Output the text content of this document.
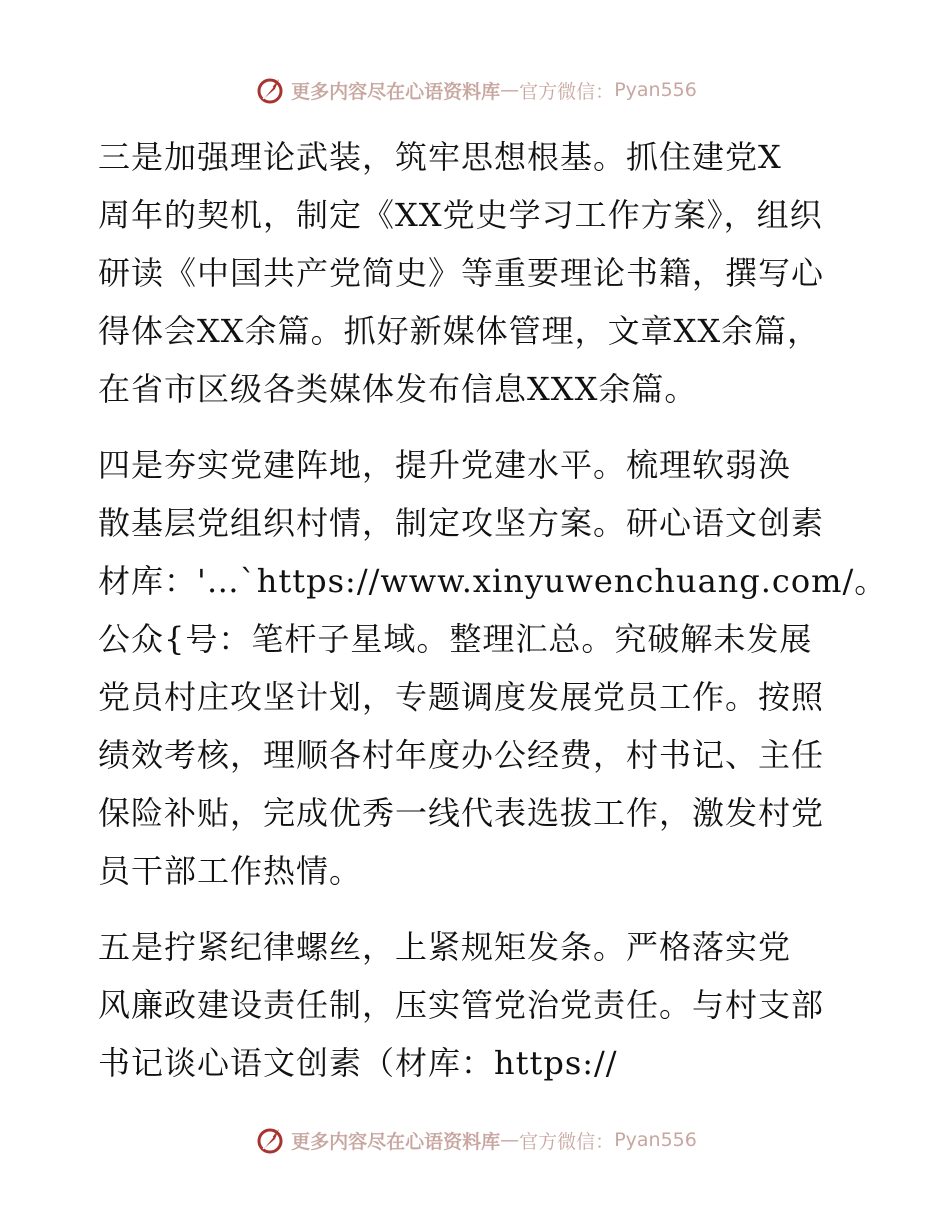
更多内容尽在心语资料库 — 官方微信： Pyan556
三是加强理论武装，筑牢思想根基。抓住建党X
周年的契机，制定《XX党史学习工作方案》，组织
研读《中国共产党简史》等重要理论书籍，撰写心
得体会XX余篇。抓好新媒体管理，文章XX余篇，
在省市区级各类媒体发布信息XXX余篇。
四是夯实党建阵地，提升党建水平。梳理软弱涣
散基层党组织村情，制定攻坚方案。研心语文创素
材库：'…`https://www.xinyuwenchuang.com/。
公众{号：笔杆子星域。整理汇总。究破解未发展
党员村庄攻坚计划，专题调度发展党员工作。按照
绩效考核，理顺各村年度办公经费，村书记、主任
保险补贴，完成优秀一线代表选拔工作，激发村党
员干部工作热情。
五是拧紧纪律螺丝，上紧规矩发条。严格落实党
风廉政建设责任制，压实管党治党责任。与村支部
书记谈心语文创素（材库：https://
更多内容尽在心语资料库 — 官方微信： Pyan556
